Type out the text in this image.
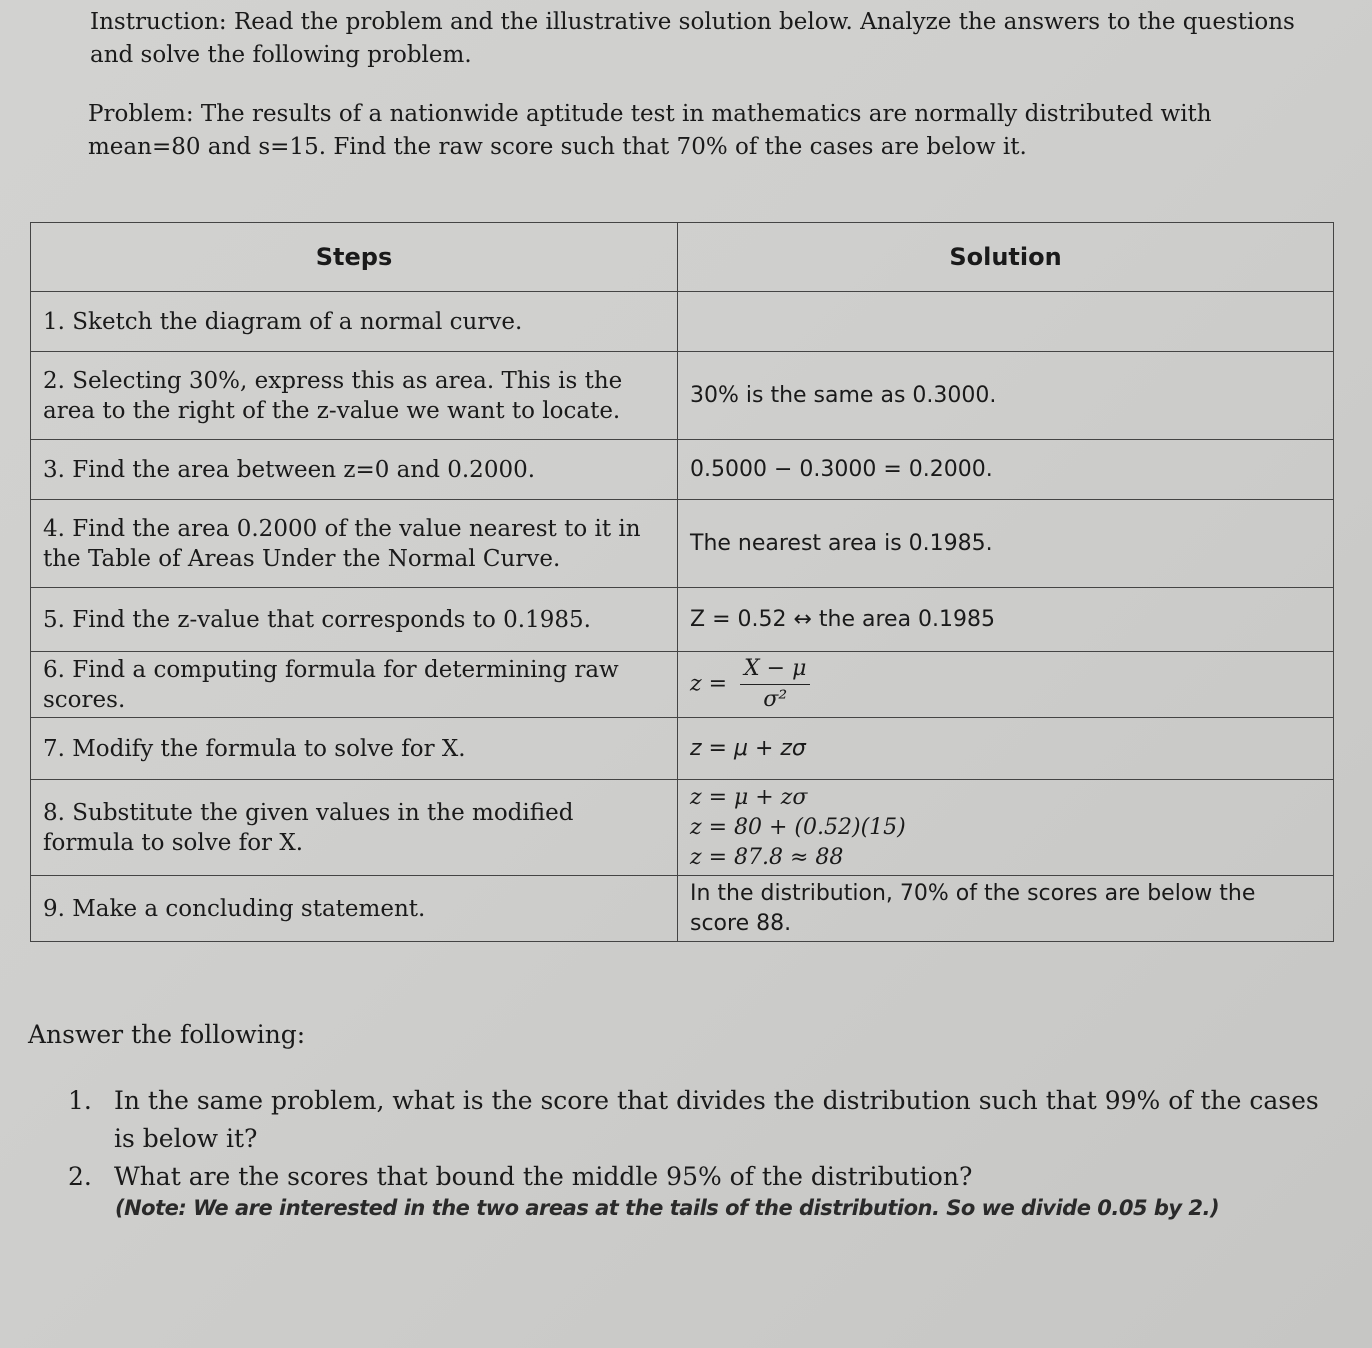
Instruction: Read the problem and the illustrative solution below. Analyze the answers to the questions and solve the following problem.

Problem: The results of a nationwide aptitude test in mathematics are normally distributed with mean=80 and s=15. Find the raw score such that 70% of the cases are below it.

Steps	Solution
1. Sketch the diagram of a normal curve.	
2. Selecting 30%, express this as area. This is the area to the right of the z-value we want to locate.	30% is the same as 0.3000.
3. Find the area between z=0 and 0.2000.	0.5000 − 0.3000 = 0.2000.
4. Find the area 0.2000 of the value nearest to it in the Table of Areas Under the Normal Curve.	The nearest area is 0.1985.
5. Find the z-value that corresponds to 0.1985.	Z = 0.52 ↔ the area 0.1985
6. Find a computing formula for determining raw scores.	$z = \frac{X - \mu}{\text{σ²}}$

7. Modify the formula to solve for X.	z = μ + zσ
8. Substitute the given values in the modified formula to solve for X.	z = μ + zσ
z = 80 + (0.52)(15)
z = 87.8 ≈ 88

9. Make a concluding statement.	In the distribution, 70% of the scores are below the score 88.
Answer the following:
1. In the same problem, what is the score that divides the distribution such that 99% of the cases is below it?
2. What are the scores that bound the middle 95% of the distribution?
(Note: We are interested in the two areas at the tails of the distribution. So we divide 0.05 by 2.)
